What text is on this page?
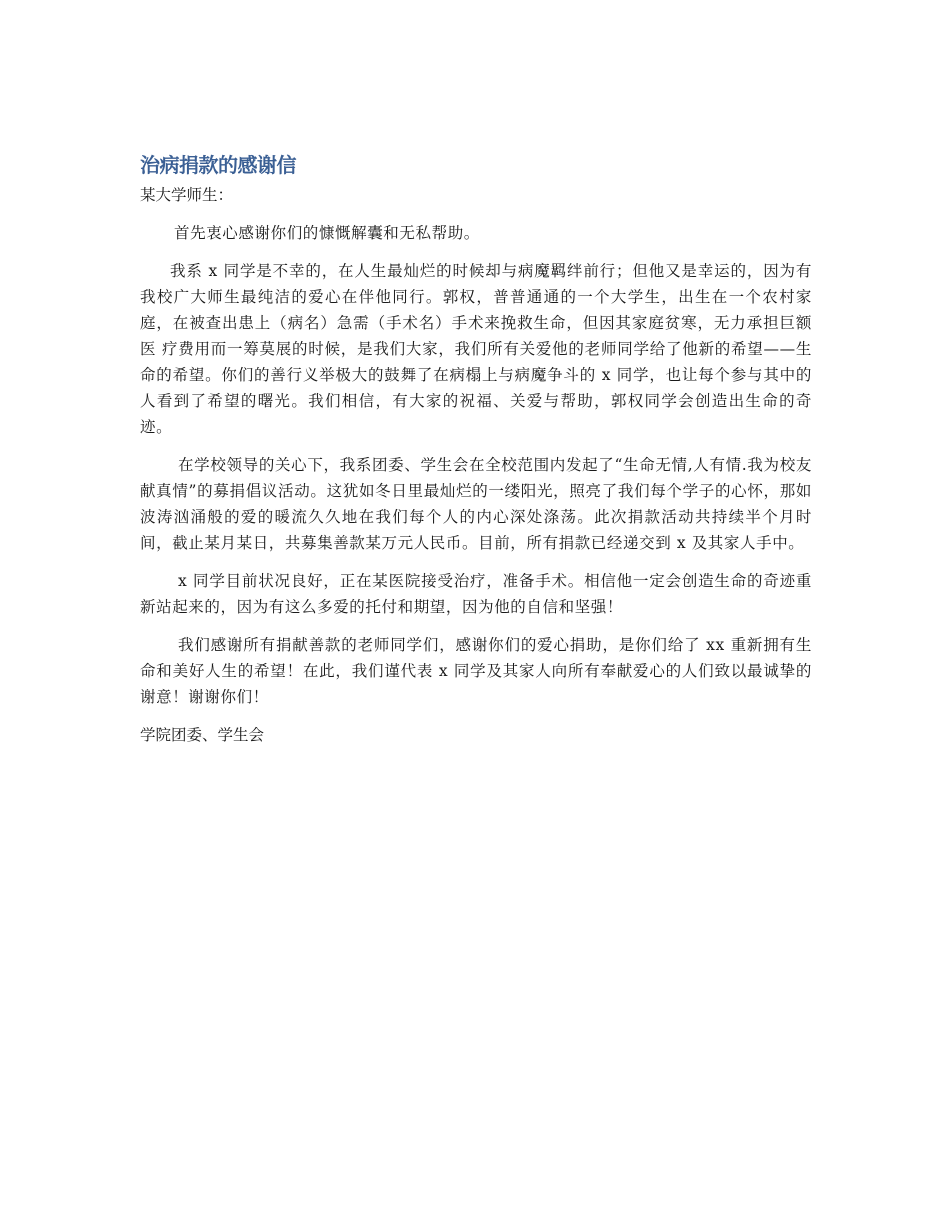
治病捐款的感谢信
某大学师生：

首先衷心感谢你们的慷慨解囊和无私帮助。

我系 x 同学是不幸的，在人生最灿烂的时候却与病魔羁绊前行；但他又是幸运的，因为有我校广大师生最纯洁的爱心在伴他同行。郭权，普普通通的一个大学生，出生在一个农村家庭，在被查出患上（病名）急需（手术名）手术来挽救生命，但因其家庭贫寒，无力承担巨额医 疗费用而一筹莫展的时候，是我们大家，我们所有关爱他的老师同学给了他新的希望——生命的希望。你们的善行义举极大的鼓舞了在病榻上与病魔争斗的 x 同学，也让每个参与其中的人看到了希望的曙光。我们相信，有大家的祝福、关爱与帮助，郭权同学会创造出生命的奇迹。

在学校领导的关心下，我系团委、学生会在全校范围内发起了“生命无情,人有情.我为校友献真情”的募捐倡议活动。这犹如冬日里最灿烂的一缕阳光，照亮了我们每个学子的心怀，那如波涛汹涌般的爱的暖流久久地在我们每个人的内心深处涤荡。此次捐款活动共持续半个月时间，截止某月某日，共募集善款某万元人民币。目前，所有捐款已经递交到 x 及其家人手中。

x 同学目前状况良好，正在某医院接受治疗，准备手术。相信他一定会创造生命的奇迹重新站起来的，因为有这么多爱的托付和期望，因为他的自信和坚强！

我们感谢所有捐献善款的老师同学们，感谢你们的爱心捐助，是你们给了 xx 重新拥有生命和美好人生的希望！在此，我们谨代表 x 同学及其家人向所有奉献爱心的人们致以最诚挚的谢意！谢谢你们！

学院团委、学生会
